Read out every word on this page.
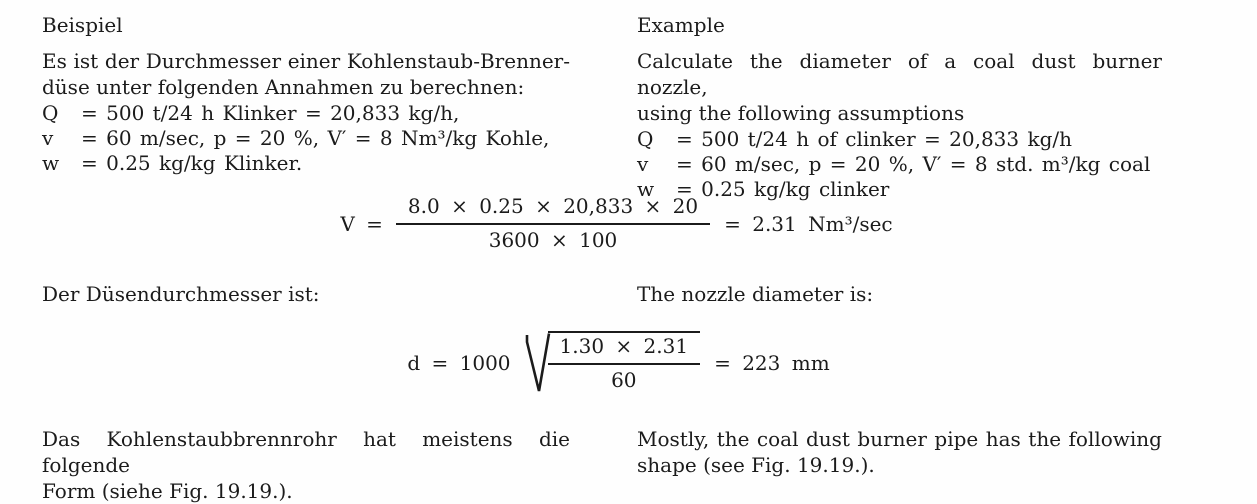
Beispiel
Es ist der Durchmesser einer Kohlenstaub-Brenner-
düse unter folgenden Annahmen zu berechnen:
Q	= 500 t/24 h Klinker = 20,833 kg/h,
v	= 60 m/sec, p = 20 %, V′ = 8 Nm³/kg Kohle,
w	= 0.25 kg/kg Klinker.
Example
Calculate the diameter of a coal dust burner nozzle,
using the following assumptions
Q	= 500 t/24 h of clinker = 20,833 kg/h
v	= 60 m/sec, p = 20 %, V′ = 8 std. m³/kg coal
w	= 0.25 kg/kg clinker
$V = \frac{8.0 \times 0.25 \times 20,833 \times 20}{3600 \times 100} = 2.31$ Nm³/sec
Der Düsendurchmesser ist:	The nozzle diameter is:
$d = 1000 \frac{1.30 \times 2.31}{60} = 223$ mm
Das Kohlenstaubbrennrohr hat meistens die folgende
Form (siehe Fig. 19.19.).
Mostly, the coal dust burner pipe has the following
shape (see Fig. 19.19.).
